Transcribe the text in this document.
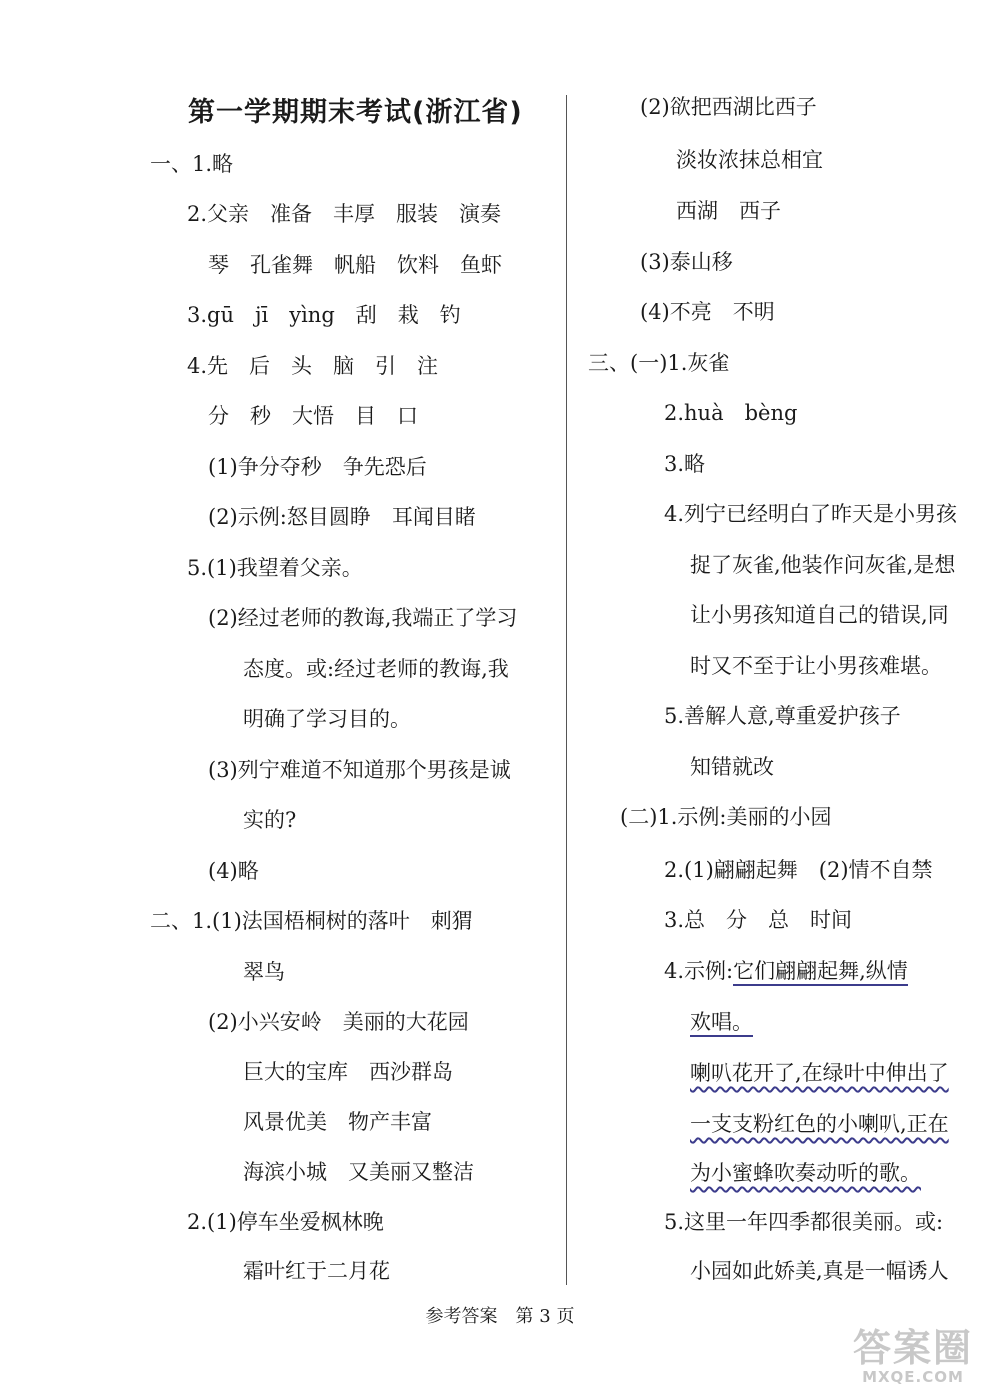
第一学期期末考试(浙江省)
一、1.略
2.父亲　准备　丰厚　服装　演奏
琴　孔雀舞　帆船　饮料　鱼虾
3.gū　jī　yìng　刮　栽　钓
4.先　后　头　脑　引　注
分　秒　大悟　目　口
(1)争分夺秒　争先恐后
(2)示例:怒目圆睁　耳闻目睹
5.(1)我望着父亲。
(2)经过老师的教诲,我端正了学习
态度。或:经过老师的教诲,我
明确了学习目的。
(3)列宁难道不知道那个男孩是诚
实的?
(4)略
二、1.(1)法国梧桐树的落叶　刺猬
翠鸟
(2)小兴安岭　美丽的大花园
巨大的宝库　西沙群岛
风景优美　物产丰富
海滨小城　又美丽又整洁
2.(1)停车坐爱枫林晚
霜叶红于二月花
(2)欲把西湖比西子
淡妆浓抹总相宜
西湖　西子
(3)泰山移
(4)不亮　不明
三、(一)1.灰雀
2.huà　bèng
3.略
4.列宁已经明白了昨天是小男孩
捉了灰雀,他装作问灰雀,是想
让小男孩知道自己的错误,同
时又不至于让小男孩难堪。
5.善解人意,尊重爱护孩子
知错就改
(二)1.示例:美丽的小园
2.(1)翩翩起舞　(2)情不自禁
3.总　分　总　时间
4.示例:它们翩翩起舞,纵情
欢唱。
喇叭花开了,在绿叶中伸出了
一支支粉红色的小喇叭,正在
为小蜜蜂吹奏动听的歌。
5.这里一年四季都很美丽。或:
小园如此娇美,真是一幅诱人
参考答案　第 3 页
答案圈
MXQE.COM
